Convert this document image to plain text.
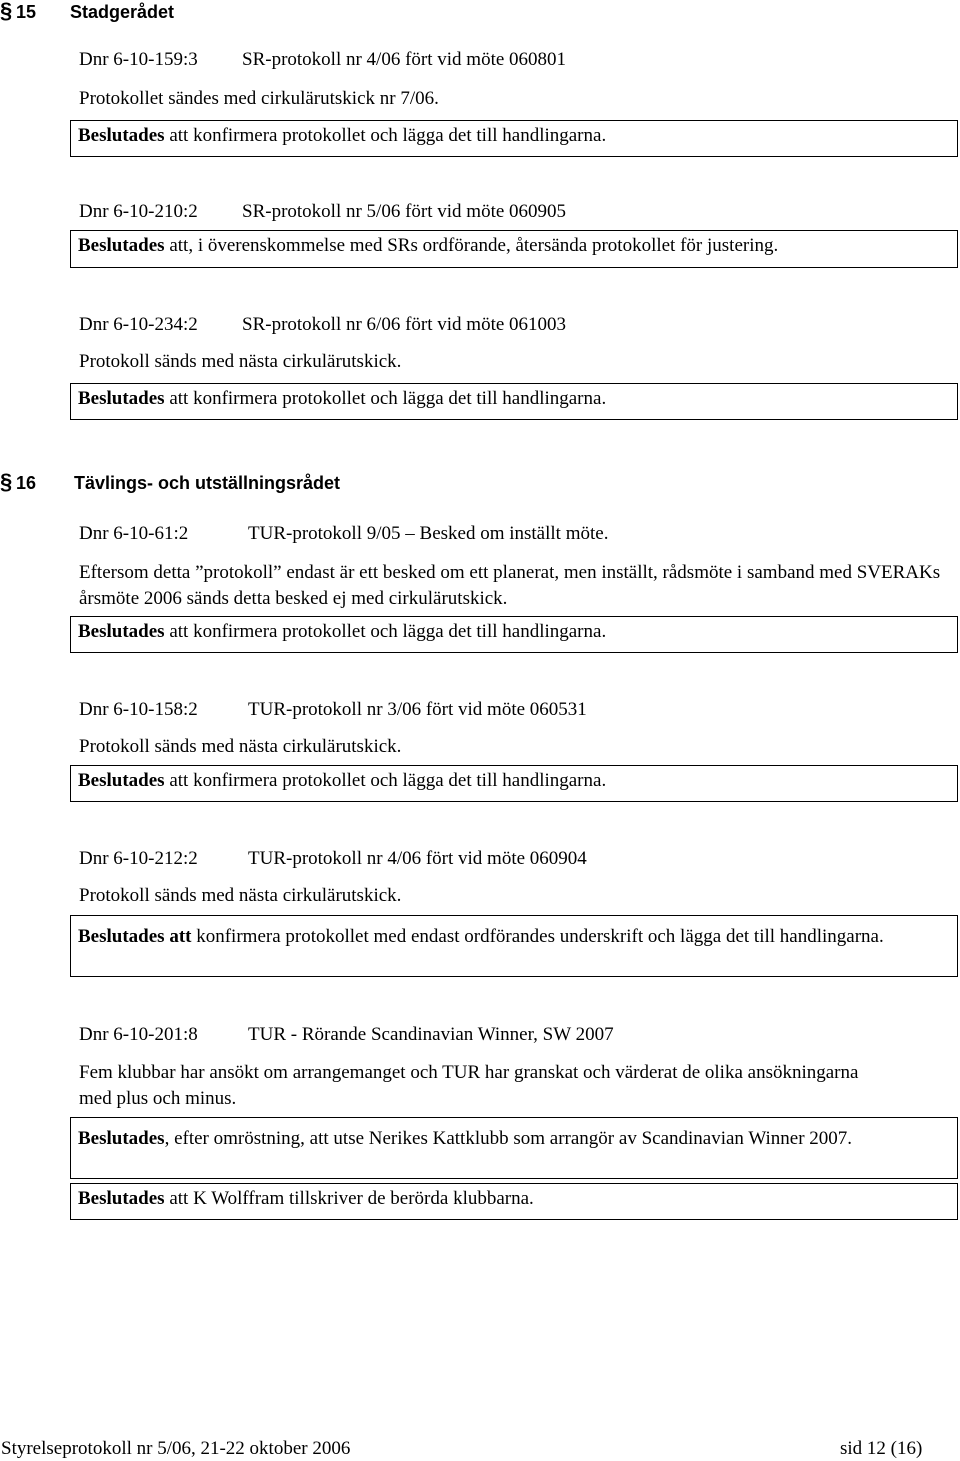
§ 15 Stadgerådet
Dnr 6-10-159:3 SR-protokoll nr 4/06 fört vid möte 060801
Protokollet sändes med cirkulärutskick nr 7/06.
Beslutades att konfirmera protokollet och lägga det till handlingarna.
Dnr 6-10-210:2 SR-protokoll nr 5/06 fört vid möte 060905
Beslutades att, i överenskommelse med SRs ordförande, återsända protokollet för justering.
Dnr 6-10-234:2 SR-protokoll nr 6/06 fört vid möte 061003
Protokoll sänds med nästa cirkulärutskick.
Beslutades att konfirmera protokollet och lägga det till handlingarna.
§ 16 Tävlings- och utställningsrådet
Dnr 6-10-61:2	TUR-protokoll 9/05 – Besked om inställt möte.
Eftersom detta ”protokoll” endast är ett besked om ett planerat, men inställt, rådsmöte i samband med SVERAKs årsmöte 2006 sänds detta besked ej med cirkulärutskick.
Beslutades att konfirmera protokollet och lägga det till handlingarna.
Dnr 6-10-158:2	TUR-protokoll nr 3/06 fört vid möte 060531
Protokoll sänds med nästa cirkulärutskick.
Beslutades att konfirmera protokollet och lägga det till handlingarna.
Dnr 6-10-212:2	TUR-protokoll nr 4/06 fört vid möte 060904
Protokoll sänds med nästa cirkulärutskick.
Beslutades att konfirmera protokollet med endast ordförandes underskrift och lägga det till handlingarna.
Dnr 6-10-201:8	TUR - Rörande Scandinavian Winner, SW 2007
Fem klubbar har ansökt om arrangemanget och TUR har granskat och värderat de olika ansökningarna med plus och minus.
Beslutades, efter omröstning, att utse Nerikes Kattklubb som arrangör av Scandinavian Winner 2007.
Beslutades att K Wolffram tillskriver de berörda klubbarna.
Styrelseprotokoll nr 5/06, 21-22 oktober 2006	sid 12 (16)
